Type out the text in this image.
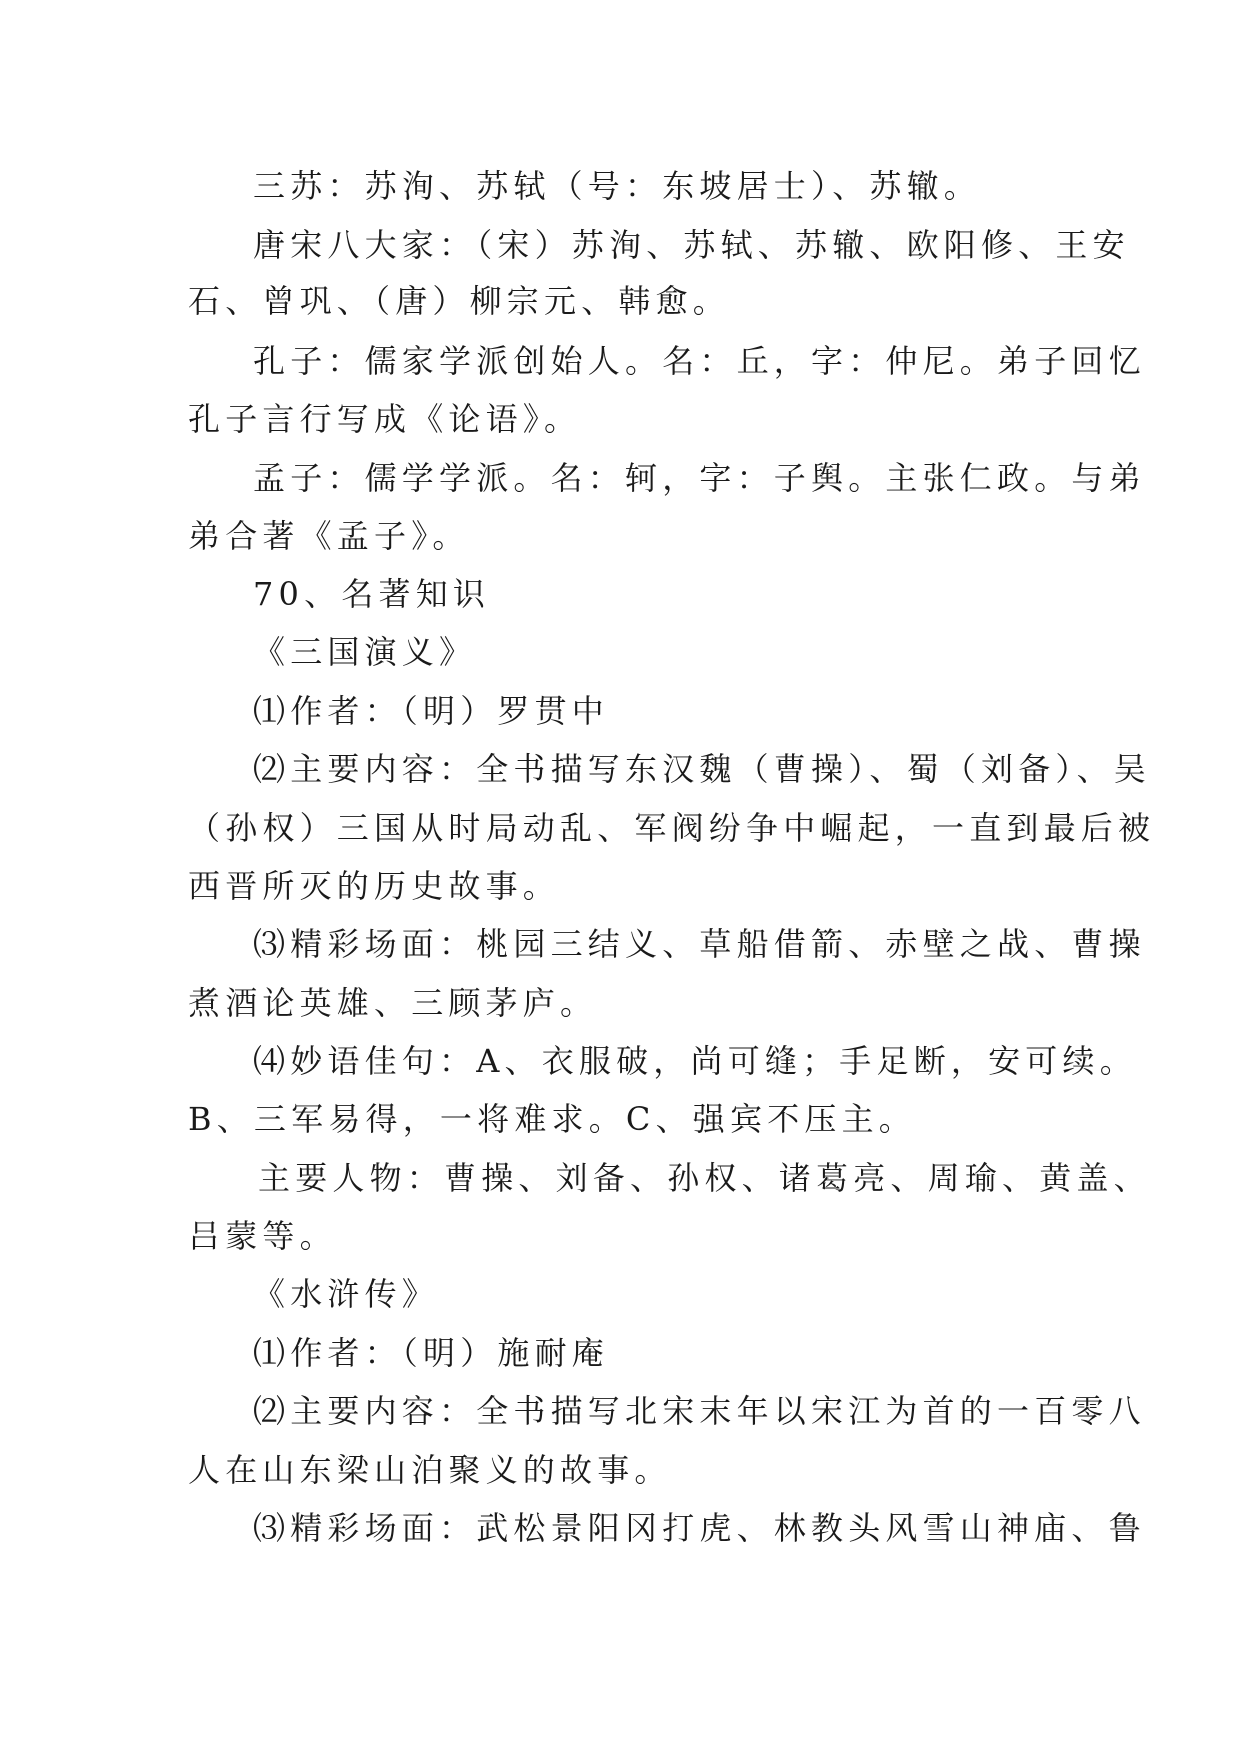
三苏：苏洵、苏轼（号：东坡居士）、苏辙。
唐宋八大家：（宋）苏洵、苏轼、苏辙、欧阳修、王安
石、曾巩、（唐）柳宗元、韩愈。
孔子：儒家学派创始人。名：丘，字：仲尼。弟子回忆
孔子言行写成《论语》。
孟子：儒学学派。名：轲，字：子舆。主张仁政。与弟
弟合著《孟子》。
70、名著知识
《三国演义》
⑴作者：（明）罗贯中
⑵主要内容：全书描写东汉魏（曹操）、蜀（刘备）、吴
（孙权）三国从时局动乱、军阀纷争中崛起，一直到最后被
西晋所灭的历史故事。
⑶精彩场面：桃园三结义、草船借箭、赤壁之战、曹操
煮酒论英雄、三顾茅庐。
⑷妙语佳句：A、衣服破，尚可缝；手足断，安可续。
B、三军易得，一将难求。C、强宾不压主。
主要人物：曹操、刘备、孙权、诸葛亮、周瑜、黄盖、
吕蒙等。
《水浒传》
⑴作者：（明）施耐庵
⑵主要内容：全书描写北宋末年以宋江为首的一百零八
人在山东梁山泊聚义的故事。
⑶精彩场面：武松景阳冈打虎、林教头风雪山神庙、鲁
